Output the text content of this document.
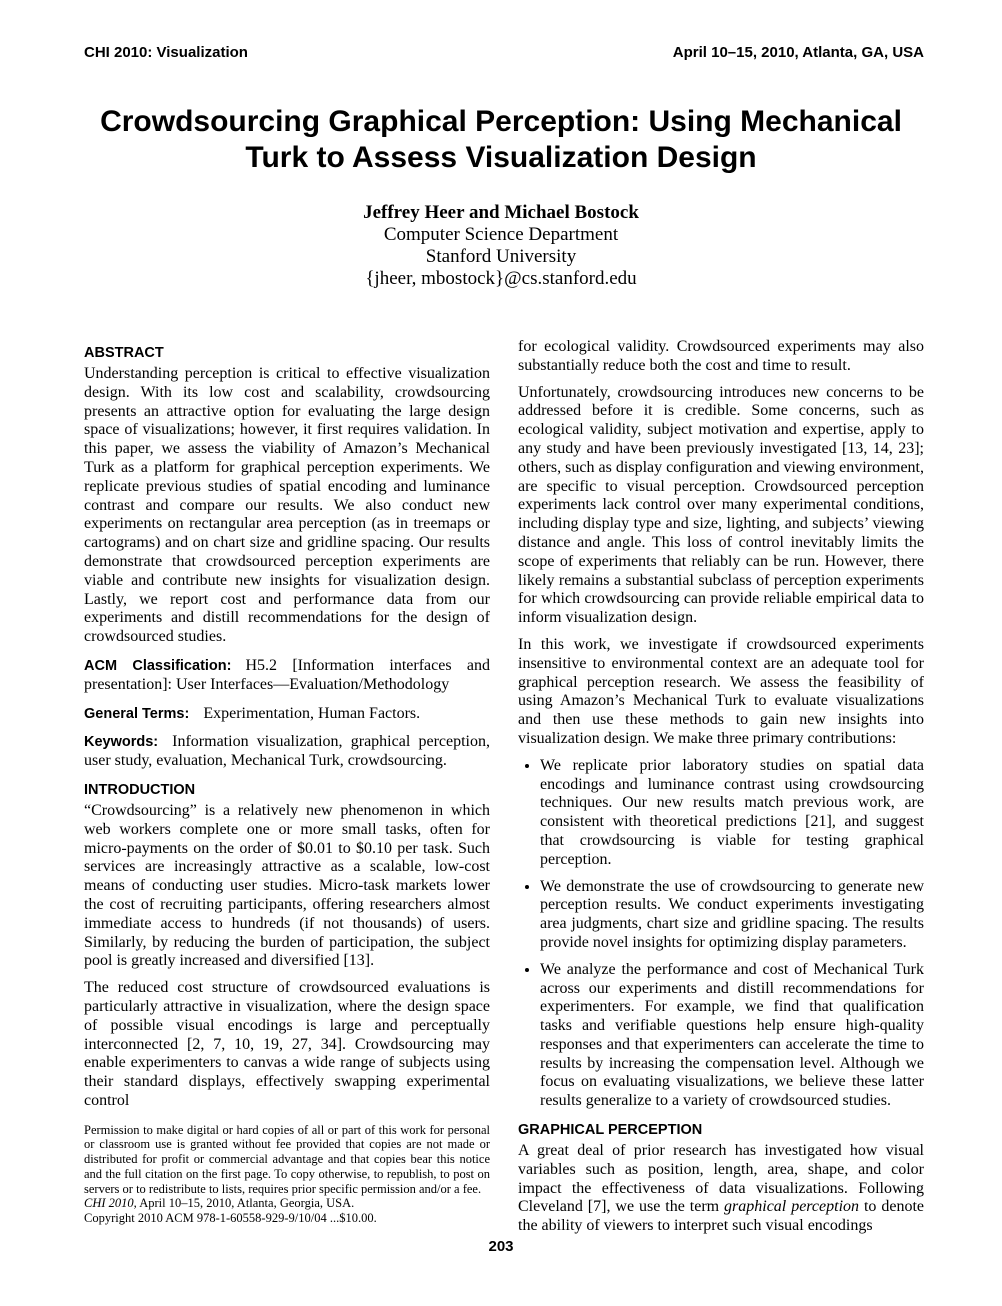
CHI 2010: Visualization	April 10–15, 2010, Atlanta, GA, USA
Crowdsourcing Graphical Perception: Using Mechanical
Turk to Assess Visualization Design
Jeffrey Heer and Michael Bostock
Computer Science Department
Stanford University
{jheer, mbostock}@cs.stanford.edu
ABSTRACT

Understanding perception is critical to effective visualization design. With its low cost and scalability, crowdsourcing presents an attractive option for evaluating the large design space of visualizations; however, it first requires validation. In this paper, we assess the viability of Amazon’s Mechanical Turk as a platform for graphical perception experiments. We replicate previous studies of spatial encoding and luminance contrast and compare our results. We also conduct new experiments on rectangular area perception (as in treemaps or cartograms) and on chart size and gridline spacing. Our results demonstrate that crowdsourced perception experiments are viable and contribute new insights for visualization design. Lastly, we report cost and performance data from our experiments and distill recommendations for the design of crowdsourced studies.

ACM Classification: H5.2 [Information interfaces and presentation]: User Interfaces—Evaluation/Methodology

General Terms: Experimentation, Human Factors.

Keywords: Information visualization, graphical perception, user study, evaluation, Mechanical Turk, crowdsourcing.

INTRODUCTION

“Crowdsourcing” is a relatively new phenomenon in which web workers complete one or more small tasks, often for micro-payments on the order of $0.01 to $0.10 per task. Such services are increasingly attractive as a scalable, low-cost means of conducting user studies. Micro-task markets lower the cost of recruiting participants, offering researchers almost immediate access to hundreds (if not thousands) of users. Similarly, by reducing the burden of participation, the subject pool is greatly increased and diversified [13].

The reduced cost structure of crowdsourced evaluations is particularly attractive in visualization, where the design space of possible visual encodings is large and perceptually interconnected [2, 7, 10, 19, 27, 34]. Crowdsourcing may enable experimenters to canvas a wide range of subjects using their standard displays, effectively swapping experimental control

Permission to make digital or hard copies of all or part of this work for personal or classroom use is granted without fee provided that copies are not made or distributed for profit or commercial advantage and that copies bear this notice and the full citation on the first page. To copy otherwise, to republish, to post on servers or to redistribute to lists, requires prior specific permission and/or a fee.
CHI 2010, April 10–15, 2010, Atlanta, Georgia, USA.
Copyright 2010 ACM 978-1-60558-929-9/10/04 ...$10.00.

for ecological validity. Crowdsourced experiments may also substantially reduce both the cost and time to result.

Unfortunately, crowdsourcing introduces new concerns to be addressed before it is credible. Some concerns, such as ecological validity, subject motivation and expertise, apply to any study and have been previously investigated [13, 14, 23]; others, such as display configuration and viewing environment, are specific to visual perception. Crowdsourced perception experiments lack control over many experimental conditions, including display type and size, lighting, and subjects’ viewing distance and angle. This loss of control inevitably limits the scope of experiments that reliably can be run. However, there likely remains a substantial subclass of perception experiments for which crowdsourcing can provide reliable empirical data to inform visualization design.

In this work, we investigate if crowdsourced experiments insensitive to environmental context are an adequate tool for graphical perception research. We assess the feasibility of using Amazon’s Mechanical Turk to evaluate visualizations and then use these methods to gain new insights into visualization design. We make three primary contributions:

• We replicate prior laboratory studies on spatial data encodings and luminance contrast using crowdsourcing techniques. Our new results match previous work, are consistent with theoretical predictions [21], and suggest that crowdsourcing is viable for testing graphical perception.
• We demonstrate the use of crowdsourcing to generate new perception results. We conduct experiments investigating area judgments, chart size and gridline spacing. The results provide novel insights for optimizing display parameters.
• We analyze the performance and cost of Mechanical Turk across our experiments and distill recommendations for experimenters. For example, we find that qualification tasks and verifiable questions help ensure high-quality responses and that experimenters can accelerate the time to results by increasing the compensation level. Although we focus on evaluating visualizations, we believe these latter results generalize to a variety of crowdsourced studies.
GRAPHICAL PERCEPTION

A great deal of prior research has investigated how visual variables such as position, length, area, shape, and color impact the effectiveness of data visualizations. Following Cleveland [7], we use the term graphical perception to denote the ability of viewers to interpret such visual encodings

203
